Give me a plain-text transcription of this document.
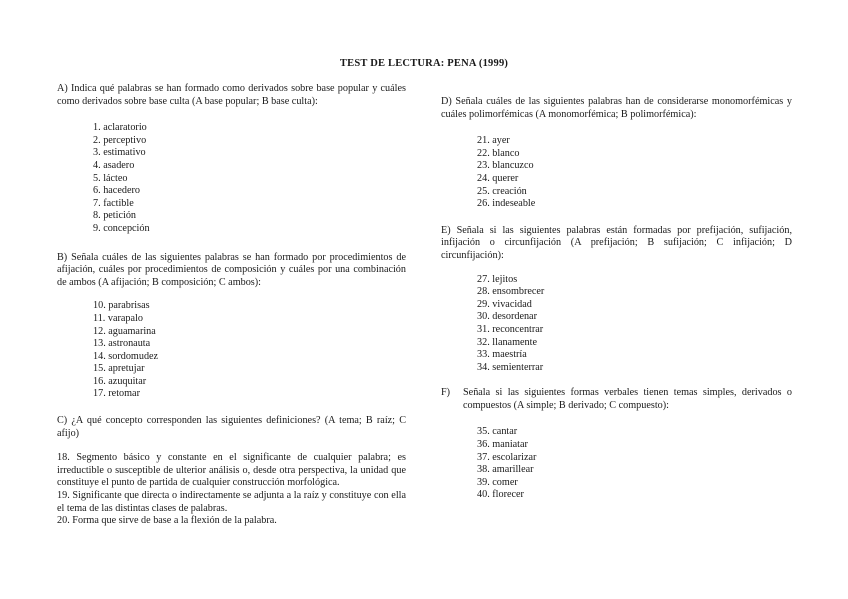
TEST DE LECTURA: PENA (1999)

A) Indica qué palabras se han formado como derivados sobre base popular y cuáles como derivados sobre base culta (A base popular; B base culta):

1. aclaratorio
2. perceptivo
3. estimativo
4. asadero
5. lácteo
6. hacedero
7. factible
8. petición
9. concepción

B) Señala cuáles de las siguientes palabras se han formado por procedimientos de afijación, cuáles por procedimientos de composición y cuáles por una combinación de ambos (A afijación; B composición; C ambos):

10. parabrisas
11. varapalo
12. aguamarina
13. astronauta
14. sordomudez
15. apretujar
16. azuquitar
17. retomar

C) ¿A qué concepto corresponden las siguientes definiciones? (A tema; B raíz; C afijo)

18. Segmento básico y constante en el significante de cualquier palabra; es irreductible o susceptible de ulterior análisis o, desde otra perspectiva, la unidad que constituye el punto de partida de cualquier construcción morfológica.

19. Significante que directa o indirectamente se adjunta a la raíz y constituye con ella el tema de las distintas clases de palabras.

20. Forma que sirve de base a la flexión de la palabra.

D) Señala cuáles de las siguientes palabras han de considerarse monomorfémicas y cuáles polimorfémicas (A monomorfémica; B polimorfémica):

21. ayer
22. blanco
23. blancuzco
24. querer
25. creación
26. indeseable

E) Señala si las siguientes palabras están formadas por prefijación, sufijación, infijación o circunfijación (A prefijación; B sufijación; C infijación; D circunfijación):

27. lejitos
28. ensombrecer
29. vivacidad
30. desordenar
31. reconcentrar
32. llanamente
33. maestría
34. semienterrar
F) Señala si las siguientes formas verbales tienen temas simples, derivados o compuestos (A simple; B derivado; C compuesto):

35. cantar
36. maniatar
37. escolarizar
38. amarillear
39. comer
40. florecer
